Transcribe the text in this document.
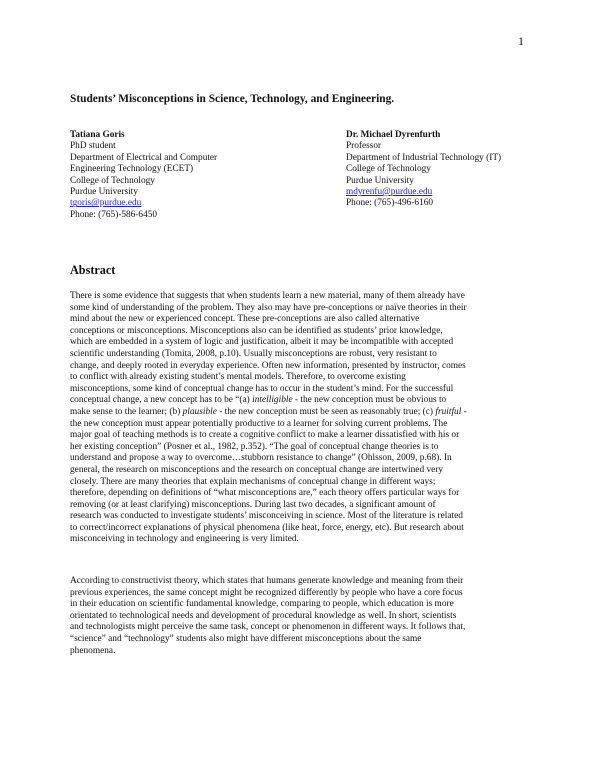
1
Students’ Misconceptions in Science, Technology, and Engineering.
Tatiana Goris
PhD student
Department of Electrical and Computer
Engineering Technology (ECET)
College of Technology
Purdue University
tgoris@purdue.edu
Phone: (765)-586-6450
Dr. Michael Dyrenfurth
Professor
Department of Industrial Technology (IT)
College of Technology
Purdue University
mdyrenfu@purdue.edu
Phone: (765)-496-6160
Abstract
There is some evidence that suggests that when students learn a new material, many of them already have
some kind of understanding of the problem. They also may have pre-conceptions or naïve theories in their
mind about the new or experienced concept. These pre-conceptions are also called alternative
conceptions or misconceptions. Misconceptions also can be identified as students’ prior knowledge,
which are embedded in a system of logic and justification, albeit it may be incompatible with accepted
scientific understanding (Tomita, 2008, p.10). Usually misconceptions are robust, very resistant to
change, and deeply rooted in everyday experience. Often new information, presented by instructor, comes
to conflict with already existing student’s mental models. Therefore, to overcome existing
misconceptions, some kind of conceptual change has to occur in the student’s mind. For the successful
conceptual change, a new concept has to be “(a) intelligible - the new conception must be obvious to
make sense to the learner; (b) plausible - the new conception must be seen as reasonably true; (c) fruitful -
the new conception must appear potentially productive to a learner for solving current problems. The
major goal of teaching methods is to create a cognitive conflict to make a learner dissatisfied with his or
her existing conception” (Posner et al., 1982, p.352). “The goal of conceptual change theories is to
understand and propose a way to overcome…stubborn resistance to change” (Ohlsson, 2009, p.68). In
general, the research on misconceptions and the research on conceptual change are intertwined very
closely. There are many theories that explain mechanisms of conceptual change in different ways;
therefore, depending on definitions of “what misconceptions are,” each theory offers particular ways for
removing (or at least clarifying) misconceptions. During last two decades, a significant amount of
research was conducted to investigate students’ misconceiving in science. Most of the literature is related
to correct/incorrect explanations of physical phenomena (like heat, force, energy, etc). But research about
misconceiving in technology and engineering is very limited.
According to constructivist theory, which states that humans generate knowledge and meaning from their
previous experiences, the same concept might be recognized differently by people who have a core focus
in their education on scientific fundamental knowledge, comparing to people, which education is more
orientated to technological needs and development of procedural knowledge as well. In short, scientists
and technologists might perceive the same task, concept or phenomenon in different ways. It follows that,
“science” and “technology” students also might have different misconceptions about the same
phenomena.
